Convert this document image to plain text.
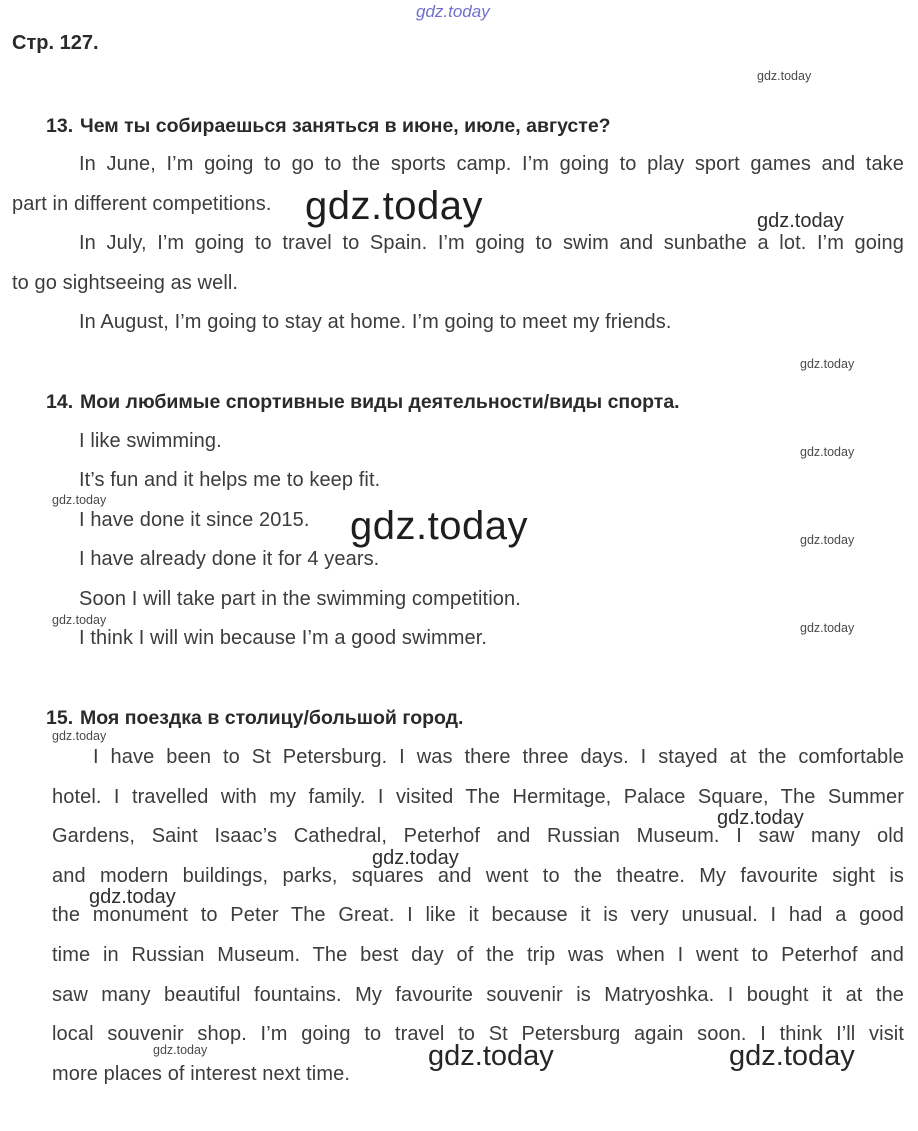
gdz.today
Стр. 127.
gdz.today
13. Чем ты собираешься заняться в июне, июле, августе?
In June, I’m going to go to the sports camp. I’m going to play sport games and take
part in different competitions.
In July, I’m going to travel to Spain. I’m going to swim and sunbathe a lot. I’m going
to go sightseeing as well.
In August, I’m going to stay at home. I’m going to meet my friends.
gdz.today	gdz.today
gdz.today
14. Мои любимые спортивные виды деятельности/виды спорта.
I like swimming.
It’s fun and it helps me to keep fit.
I have done it since 2015.
I have already done it for 4 years.
Soon I will take part in the swimming competition.
I think I will win because I’m a good swimmer.
gdz.today
gdz.today
gdz.today	gdz.today
gdz.today
gdz.today
15. Моя поездка в столицу/большой город.
I have been to St Petersburg. I was there three days. I stayed at the comfortable
hotel. I travelled with my family. I visited The Hermitage, Palace Square, The Summer
Gardens, Saint Isaac’s Cathedral, Peterhof and Russian Museum. I saw many old
and modern buildings, parks, squares and went to the theatre. My favourite sight is
the monument to Peter The Great. I like it because it is very unusual. I had a good
time in Russian Museum. The best day of the trip was when I went to Peterhof and
saw many beautiful fountains. My favourite souvenir is Matryoshka. I bought it at the
local souvenir shop. I’m going to travel to St Petersburg again soon. I think I’ll visit
more places of interest next time.
gdz.today
gdz.today
gdz.today
gdz.today
gdz.today	gdz.today	gdz.today
